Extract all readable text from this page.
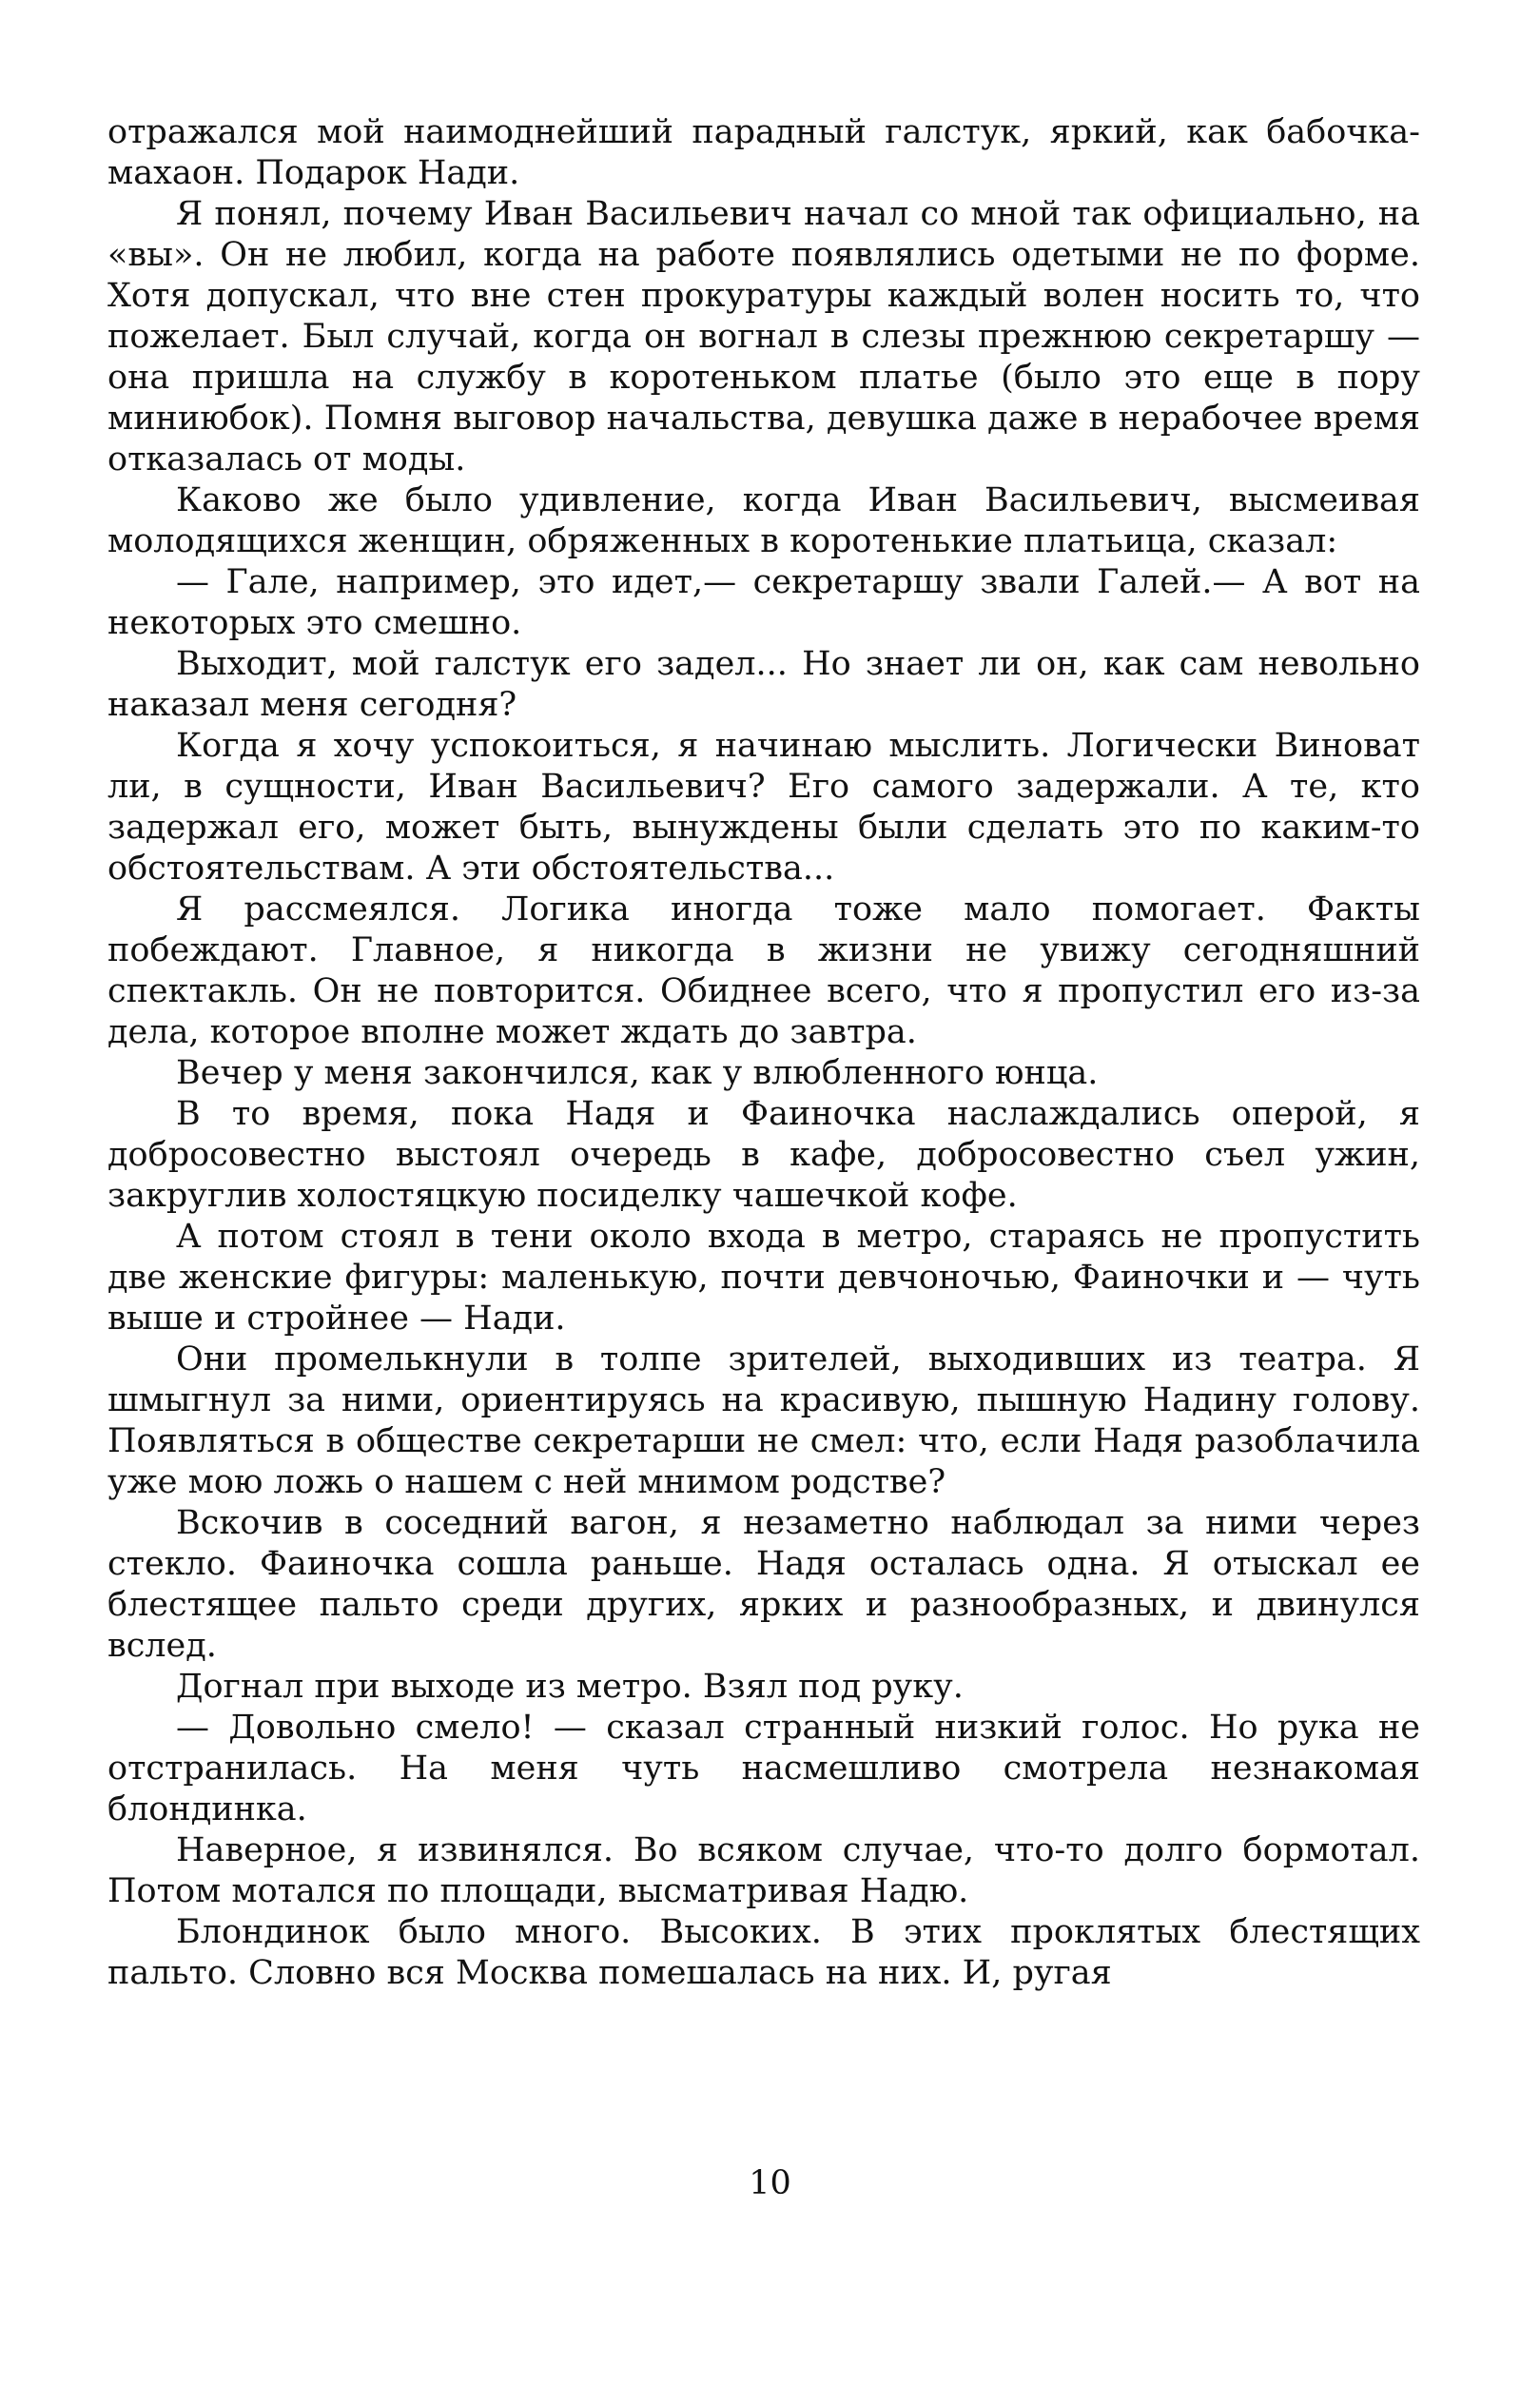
отражался мой наимоднейший парадный галстук, яркий, как бабочка-махаон. Подарок Нади.

Я понял, почему Иван Васильевич начал со мной так официально, на «вы». Он не любил, когда на работе появлялись одетыми не по форме. Хотя допускал, что вне стен прокуратуры каждый волен носить то, что пожелает. Был случай, когда он вогнал в слезы прежнюю секретаршу — она пришла на службу в коротеньком платье (было это еще в пору миниюбок). Помня выговор начальства, девушка даже в нерабочее время отказалась от моды.

Каково же было удивление, когда Иван Васильевич, высмеивая молодящихся женщин, обряженных в коротенькие платьица, сказал:

— Гале, например, это идет,— секретаршу звали Галей.— А вот на некоторых это смешно.

Выходит, мой галстук его задел... Но знает ли он, как сам невольно наказал меня сегодня?

Когда я хочу успокоиться, я начинаю мыслить. Логически Виноват ли, в сущности, Иван Васильевич? Его самого задержали. А те, кто задержал его, может быть, вынуждены были сделать это по каким-то обстоятельствам. А эти обстоятельства...

Я рассмеялся. Логика иногда тоже мало помогает. Факты побеждают. Главное, я никогда в жизни не увижу сегодняшний спектакль. Он не повторится. Обиднее всего, что я пропустил его из-за дела, которое вполне может ждать до завтра.

Вечер у меня закончился, как у влюбленного юнца.

В то время, пока Надя и Фаиночка наслаждались оперой, я добросовестно выстоял очередь в кафе, добросовестно съел ужин, закруглив холостяцкую посиделку чашечкой кофе.

А потом стоял в тени около входа в метро, стараясь не пропустить две женские фигуры: маленькую, почти девчоночью, Фаиночки и — чуть выше и стройнее — Нади.

Они промелькнули в толпе зрителей, выходивших из театра. Я шмыгнул за ними, ориентируясь на красивую, пышную Надину голову. Появляться в обществе секретарши не смел: что, если Надя разоблачила уже мою ложь о нашем с ней мнимом родстве?

Вскочив в соседний вагон, я незаметно наблюдал за ними через стекло. Фаиночка сошла раньше. Надя осталась одна. Я отыскал ее блестящее пальто среди других, ярких и разнообразных, и двинулся вслед.

Догнал при выходе из метро. Взял под руку.

— Довольно смело! — сказал странный низкий голос. Но рука не отстранилась. На меня чуть насмешливо смотрела незнакомая блондинка.

Наверное, я извинялся. Во всяком случае, что-то долго бормотал. Потом мотался по площади, высматривая Надю.

Блондинок было много. Высоких. В этих проклятых блестящих пальто. Словно вся Москва помешалась на них. И, ругая

10
